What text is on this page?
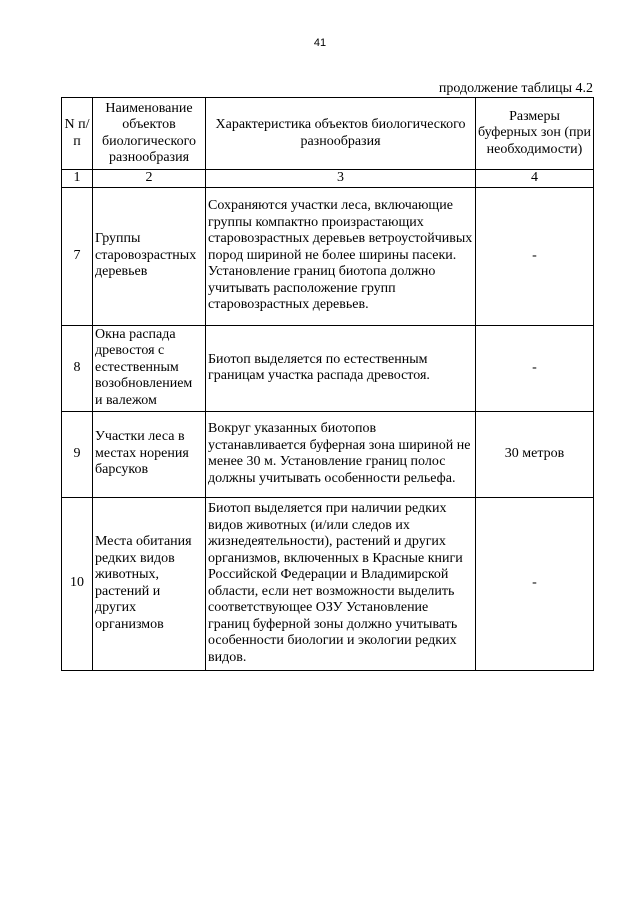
41
продолжение таблицы 4.2
N п/п	Наименование объектов биологического разнообразия	Характеристика объектов биологического разнообразия	Размеры буферных зон (при необходимости)
1	2	3	4
7	Группы старовозрастных деревьев	Сохраняются участки леса, включающие группы компактно произрастающих старовозрастных деревьев ветроустойчивых пород шириной не более ширины пасеки. Установление границ биотопа должно учитывать расположение групп старовозрастных деревьев.	-
8	Окна распада древостоя с естественным возобновлением и валежом	Биотоп выделяется по естественным границам участка распада древостоя.	-
9	Участки леса в местах норения барсуков	Вокруг указанных биотопов устанавливается буферная зона шириной не менее 30 м. Установление границ полос должны учитывать особенности рельефа.	30 метров
10	Места обитания редких видов животных, растений и других организмов	Биотоп выделяется при наличии редких видов животных (и/или следов их жизнедеятельности), растений и других организмов, включенных в Красные книги Российской Федерации и Владимирской области, если нет возможности выделить соответствующее ОЗУ Установление границ буферной зоны должно учитывать особенности биологии и экологии редких видов.	-
